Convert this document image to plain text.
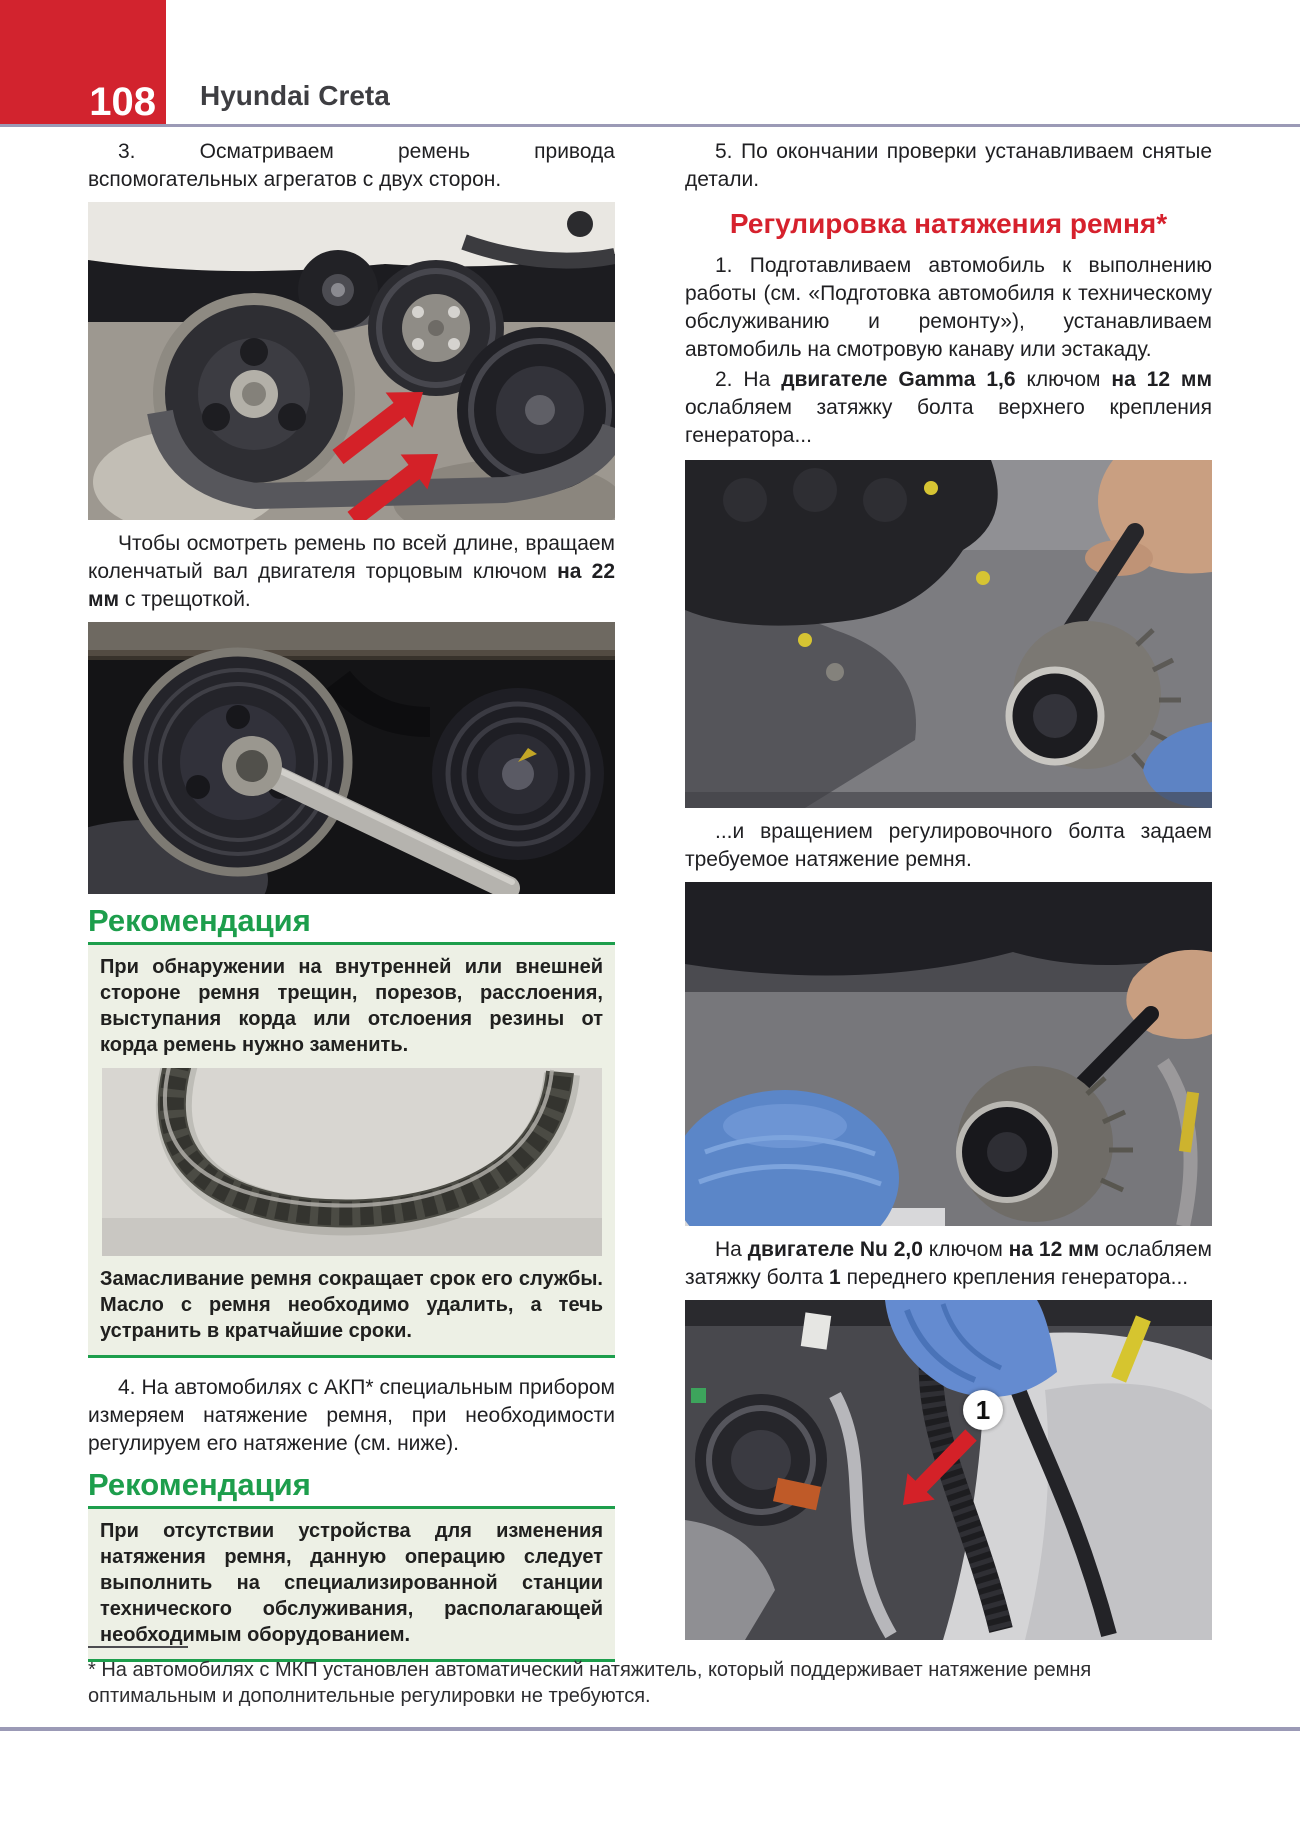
108 Hyundai Creta

3. Осматриваем ремень привода вспомогательных агрегатов с двух сторон.

Чтобы осмотреть ремень по всей длине, вращаем коленчатый вал двигателя торцовым ключом на 22 мм с трещоткой.

Рекомендация
При обнаружении на внутренней или внешней стороне ремня трещин, порезов, расслоения, выступания корда или отслоения резины от корда ремень нужно заменить.
Замасливание ремня сокращает срок его службы. Масло с ремня необходимо удалить, а течь устранить в кратчайшие сроки.

4. На автомобилях с АКП* специальным прибором измеряем натяжение ремня, при необходимости регулируем его натяжение (см. ниже).

Рекомендация
При отсутствии устройства для изменения натяжения ремня, данную операцию следует выполнить на специализированной станции технического обслуживания, располагающей необходимым оборудованием.

5. По окончании проверки устанавливаем снятые детали.

Регулировка натяжения ремня*

1. Подготавливаем автомобиль к выполнению работы (см. «Подготовка автомобиля к техническому обслуживанию и ремонту»), устанавливаем автомобиль на смотровую канаву или эстакаду.

2. На двигателе Gamma 1,6 ключом на 12 мм ослабляем затяжку болта верхнего крепления генератора...

...и вращением регулировочного болта задаем требуемое натяжение ремня.

На двигателе Nu 2,0 ключом на 12 мм ослабляем затяжку болта 1 переднего крепления генератора...

1
* На автомобилях с МКП установлен автоматический натяжитель, который поддерживает натяжение ремня оптимальным и дополнительные регулировки не требуются.
